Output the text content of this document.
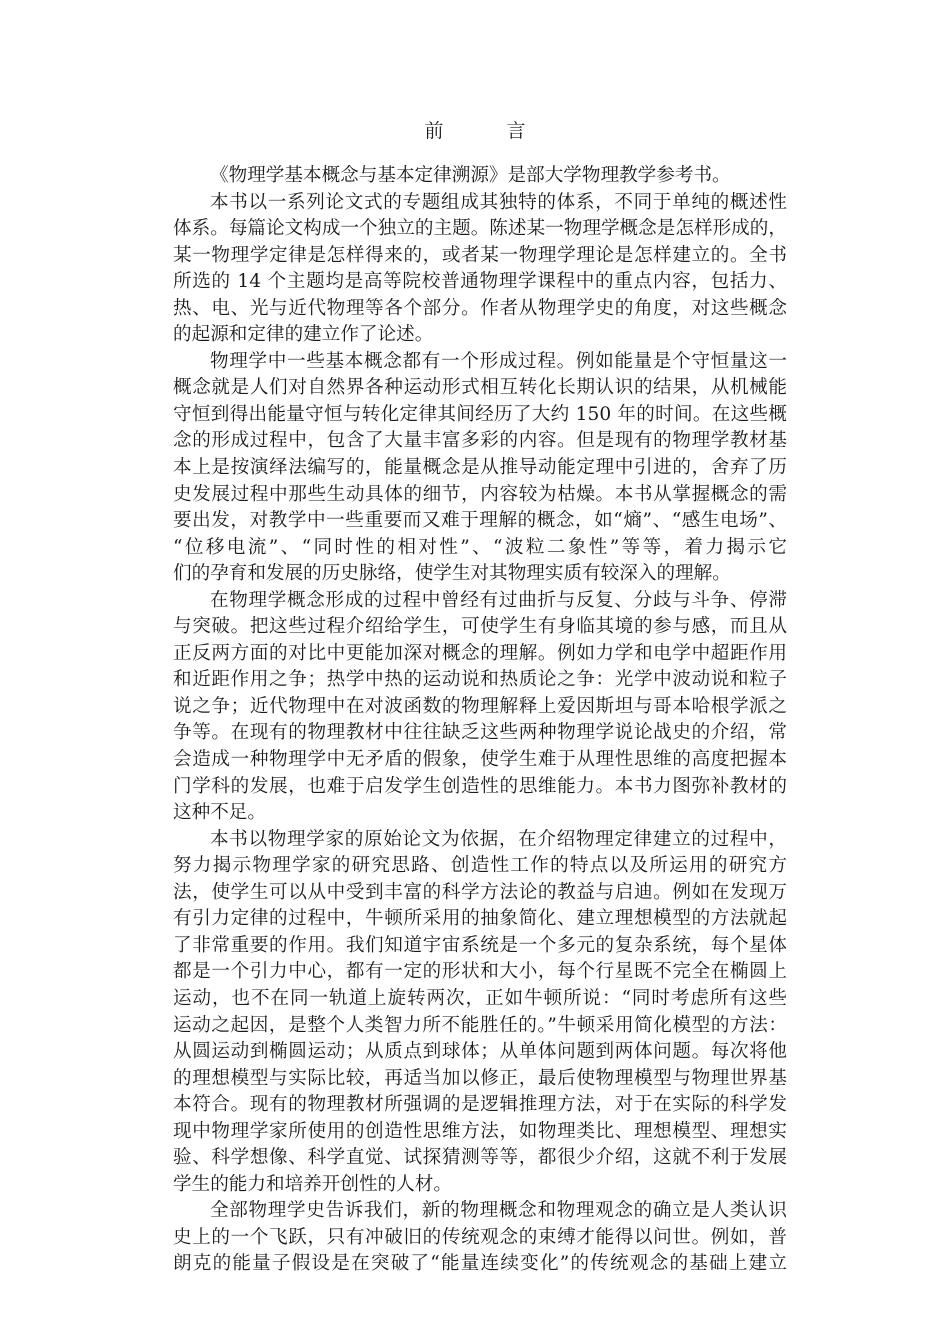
前　言
《物理学基本概念与基本定律溯源》是部大学物理教学参考书。
本书以一系列论文式的专题组成其独特的体系，不同于单纯的概述性
体系。每篇论文构成一个独立的主题。陈述某一物理学概念是怎样形成的，
某一物理学定律是怎样得来的，或者某一物理学理论是怎样建立的。全书
所选的 14 个主题均是高等院校普通物理学课程中的重点内容，包括力、
热、电、光与近代物理等各个部分。作者从物理学史的角度，对这些概念
的起源和定律的建立作了论述。
物理学中一些基本概念都有一个形成过程。例如能量是个守恒量这一
概念就是人们对自然界各种运动形式相互转化长期认识的结果，从机械能
守恒到得出能量守恒与转化定律其间经历了大约 150 年的时间。在这些概
念的形成过程中，包含了大量丰富多彩的内容。但是现有的物理学教材基
本上是按演绎法编写的，能量概念是从推导动能定理中引进的，舍弃了历
史发展过程中那些生动具体的细节，内容较为枯燥。本书从掌握概念的需
要出发，对教学中一些重要而又难于理解的概念，如“熵”、“感生电场”、
“位移电流”、“同时性的相对性”、“波粒二象性”等等，着力揭示它
们的孕育和发展的历史脉络，使学生对其物理实质有较深入的理解。
在物理学概念形成的过程中曾经有过曲折与反复、分歧与斗争、停滞
与突破。把这些过程介绍给学生，可使学生有身临其境的参与感，而且从
正反两方面的对比中更能加深对概念的理解。例如力学和电学中超距作用
和近距作用之争；热学中热的运动说和热质论之争：光学中波动说和粒子
说之争；近代物理中在对波函数的物理解释上爱因斯坦与哥本哈根学派之
争等。在现有的物理教材中往往缺乏这些两种物理学说论战史的介绍，常
会造成一种物理学中无矛盾的假象，使学生难于从理性思维的高度把握本
门学科的发展，也难于启发学生创造性的思维能力。本书力图弥补教材的
这种不足。
本书以物理学家的原始论文为依据，在介绍物理定律建立的过程中，
努力揭示物理学家的研究思路、创造性工作的特点以及所运用的研究方
法，使学生可以从中受到丰富的科学方法论的教益与启迪。例如在发现万
有引力定律的过程中，牛顿所采用的抽象简化、建立理想模型的方法就起
了非常重要的作用。我们知道宇宙系统是一个多元的复杂系统，每个星体
都是一个引力中心，都有一定的形状和大小，每个行星既不完全在椭圆上
运动，也不在同一轨道上旋转两次，正如牛顿所说：“同时考虑所有这些
运动之起因，是整个人类智力所不能胜任的。”牛顿采用简化模型的方法：
从圆运动到椭圆运动；从质点到球体；从单体问题到两体问题。每次将他
的理想模型与实际比较，再适当加以修正，最后使物理模型与物理世界基
本符合。现有的物理教材所强调的是逻辑推理方法，对于在实际的科学发
现中物理学家所使用的创造性思维方法，如物理类比、理想模型、理想实
验、科学想像、科学直觉、试探猜测等等，都很少介绍，这就不利于发展
学生的能力和培养开创性的人材。
全部物理学史告诉我们，新的物理概念和物理观念的确立是人类认识
史上的一个飞跃，只有冲破旧的传统观念的束缚才能得以问世。例如，普
朗克的能量子假设是在突破了“能量连续变化”的传统观念的基础上建立
